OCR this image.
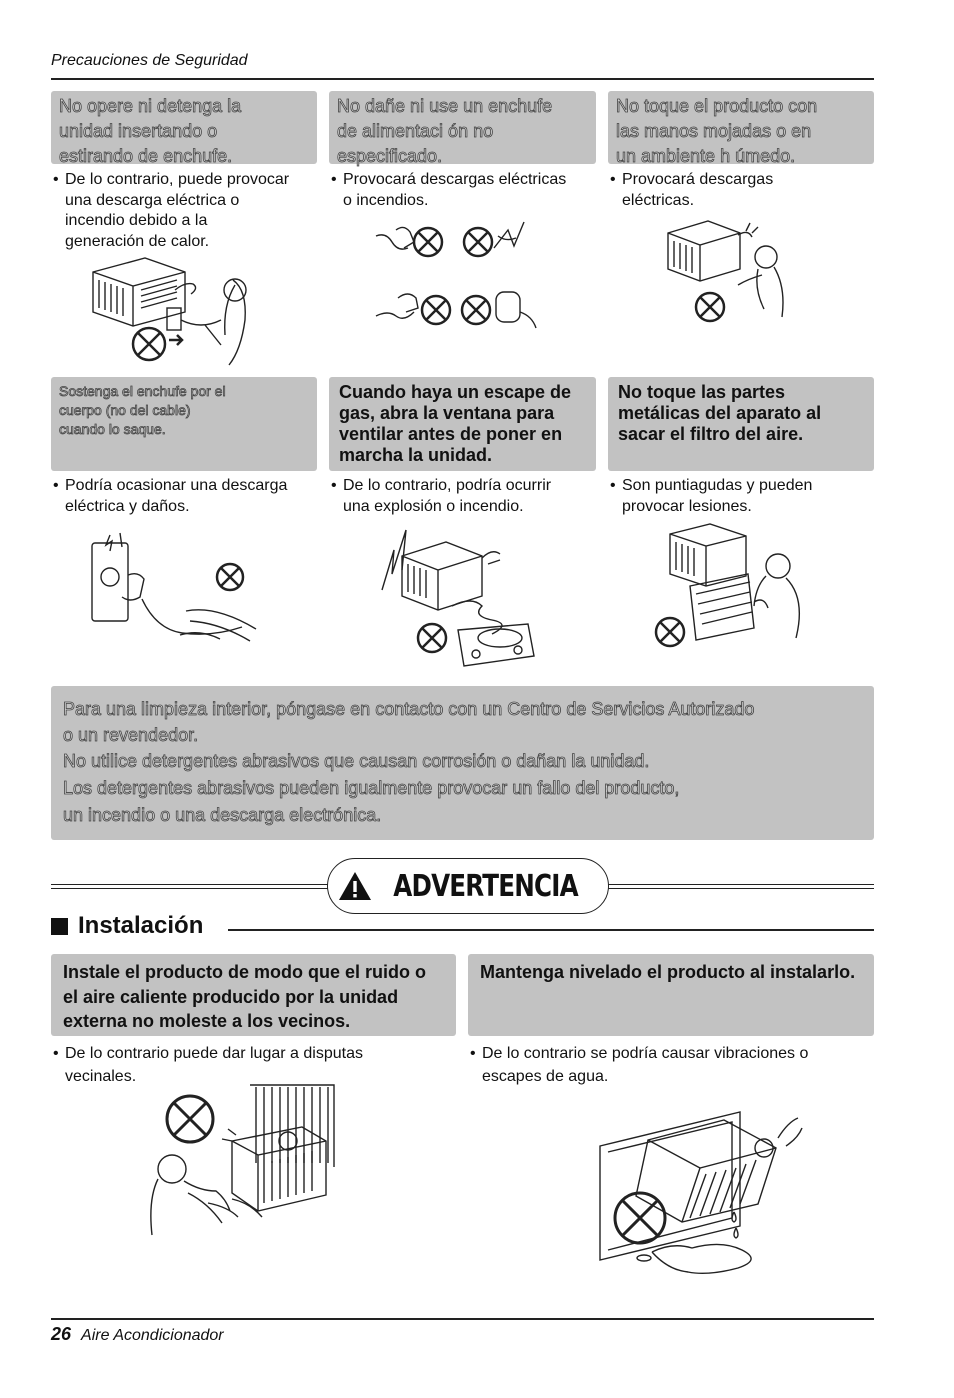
Precauciones de Seguridad
No opere ni detenga la
unidad insertando o
estirando de enchufe.
No dañe ni use un enchufe
de alimentaci ón no
especificado.
No toque el producto con
las manos mojadas o en
un ambiente h úmedo.
• De lo contrario, puede provocar
una descarga eléctrica o
incendio debido a la
generación de calor.
• Provocará descargas eléctricas
o incendios.
• Provocará descargas
eléctricas.
Sostenga el enchufe por el
cuerpo (no del cable)
cuando lo saque.
Cuando haya un escape de
gas, abra la ventana para
ventilar antes de poner en
marcha la unidad.
No toque las partes
metálicas del aparato al
sacar el filtro del aire.
• Podría ocasionar una descarga
eléctrica y daños.
• De lo contrario, podría ocurrir
una explosión o incendio.
• Son puntiagudas y pueden
provocar lesiones.
Para una limpieza interior, póngase en contacto con un Centro de Servicios Autorizado
o un revendedor.
No utilice detergentes abrasivos que causan corrosión o dañan la unidad.
Los detergentes abrasivos pueden igualmente provocar un fallo del producto,
un incendio o una descarga electrónica.
ADVERTENCIA
Instalación
Instale el producto de modo que el ruido o
el aire caliente producido por la unidad
externa no moleste a los vecinos.
Mantenga nivelado el producto al instalarlo.
• De lo contrario puede dar lugar a disputas
vecinales.
• De lo contrario se podría causar vibraciones o
escapes de agua.
26 Aire Acondicionador
